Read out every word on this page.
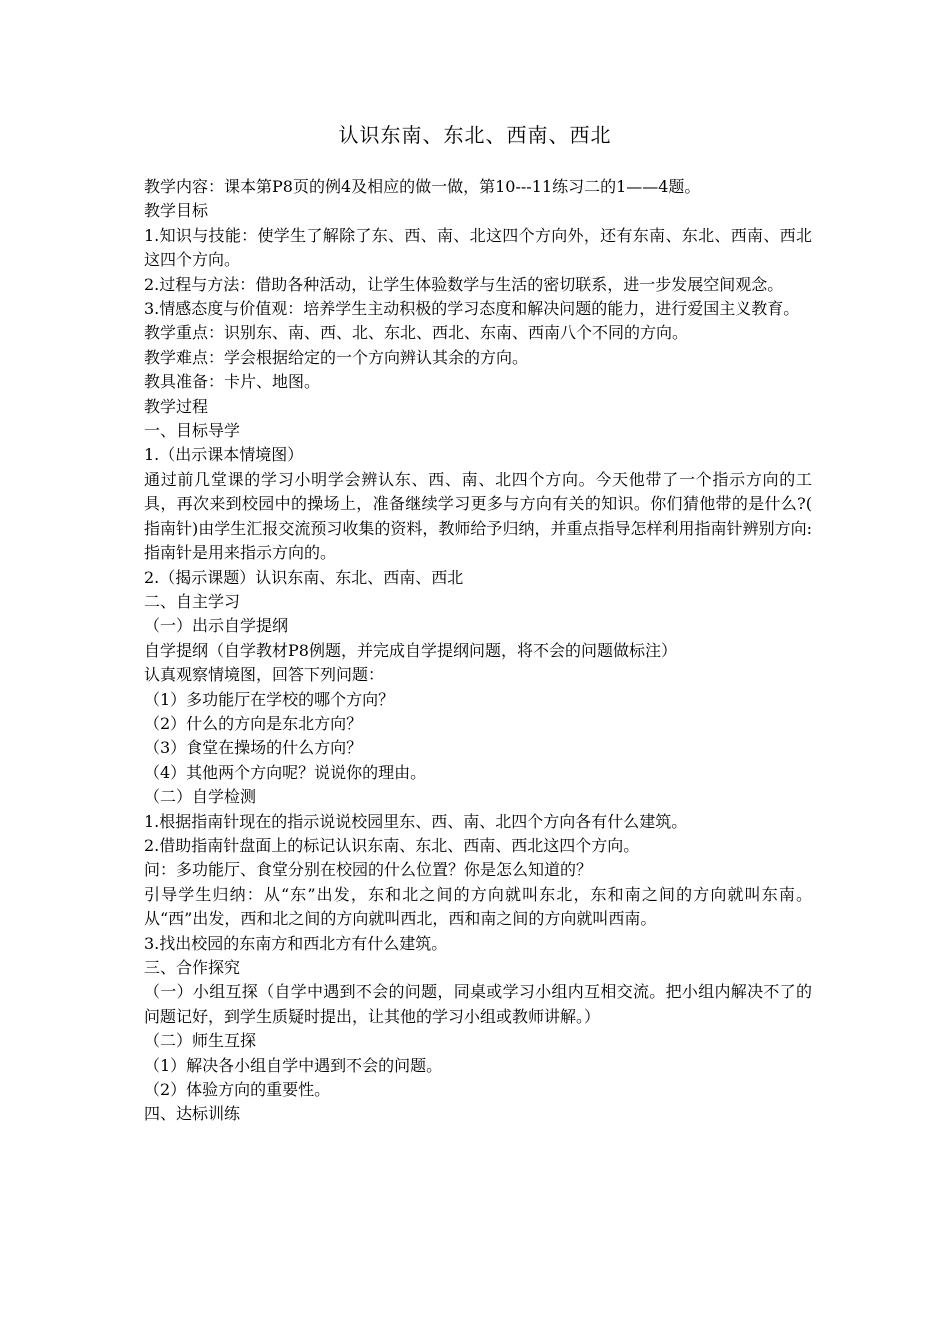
认识东南、东北、西南、西北

教学内容：课本第P8页的例4及相应的做一做，第10---11练习二的1——4题。

教学目标

1.知识与技能：使学生了解除了东、西、南、北这四个方向外，还有东南、东北、西南、西北这四个方向。

2.过程与方法：借助各种活动，让学生体验数学与生活的密切联系，进一步发展空间观念。

3.情感态度与价值观：培养学生主动积极的学习态度和解决问题的能力，进行爱国主义教育。

教学重点：识别东、南、西、北、东北、西北、东南、西南八个不同的方向。

教学难点：学会根据给定的一个方向辨认其余的方向。

教具准备：卡片、地图。

教学过程

一、目标导学

1.（出示课本情境图）

通过前几堂课的学习小明学会辨认东、西、南、北四个方向。今天他带了一个指示方向的工具，再次来到校园中的操场上，准备继续学习更多与方向有关的知识。你们猜他带的是什么?( 指南针)由学生汇报交流预习收集的资料，教师给予归纳，并重点指导怎样利用指南针辨别方向:指南针是用来指示方向的。

2.（揭示课题）认识东南、东北、西南、西北

二、自主学习

（一）出示自学提纲

自学提纲（自学教材P8例题，并完成自学提纲问题，将不会的问题做标注）

认真观察情境图，回答下列问题：

（1）多功能厅在学校的哪个方向？

（2）什么的方向是东北方向？

（3）食堂在操场的什么方向？

（4）其他两个方向呢？说说你的理由。

（二）自学检测

1.根据指南针现在的指示说说校园里东、西、南、北四个方向各有什么建筑。

2.借助指南针盘面上的标记认识东南、东北、西南、西北这四个方向。

问：多功能厅、食堂分别在校园的什么位置？你是怎么知道的？

引导学生归纳：从“东”出发，东和北之间的方向就叫东北，东和南之间的方向就叫东南。从“西”出发，西和北之间的方向就叫西北，西和南之间的方向就叫西南。

3.找出校园的东南方和西北方有什么建筑。

三、合作探究

（一）小组互探（自学中遇到不会的问题，同桌或学习小组内互相交流。把小组内解决不了的问题记好，到学生质疑时提出，让其他的学习小组或教师讲解。）

（二）师生互探

（1）解决各小组自学中遇到不会的问题。

（2）体验方向的重要性。

四、达标训练
